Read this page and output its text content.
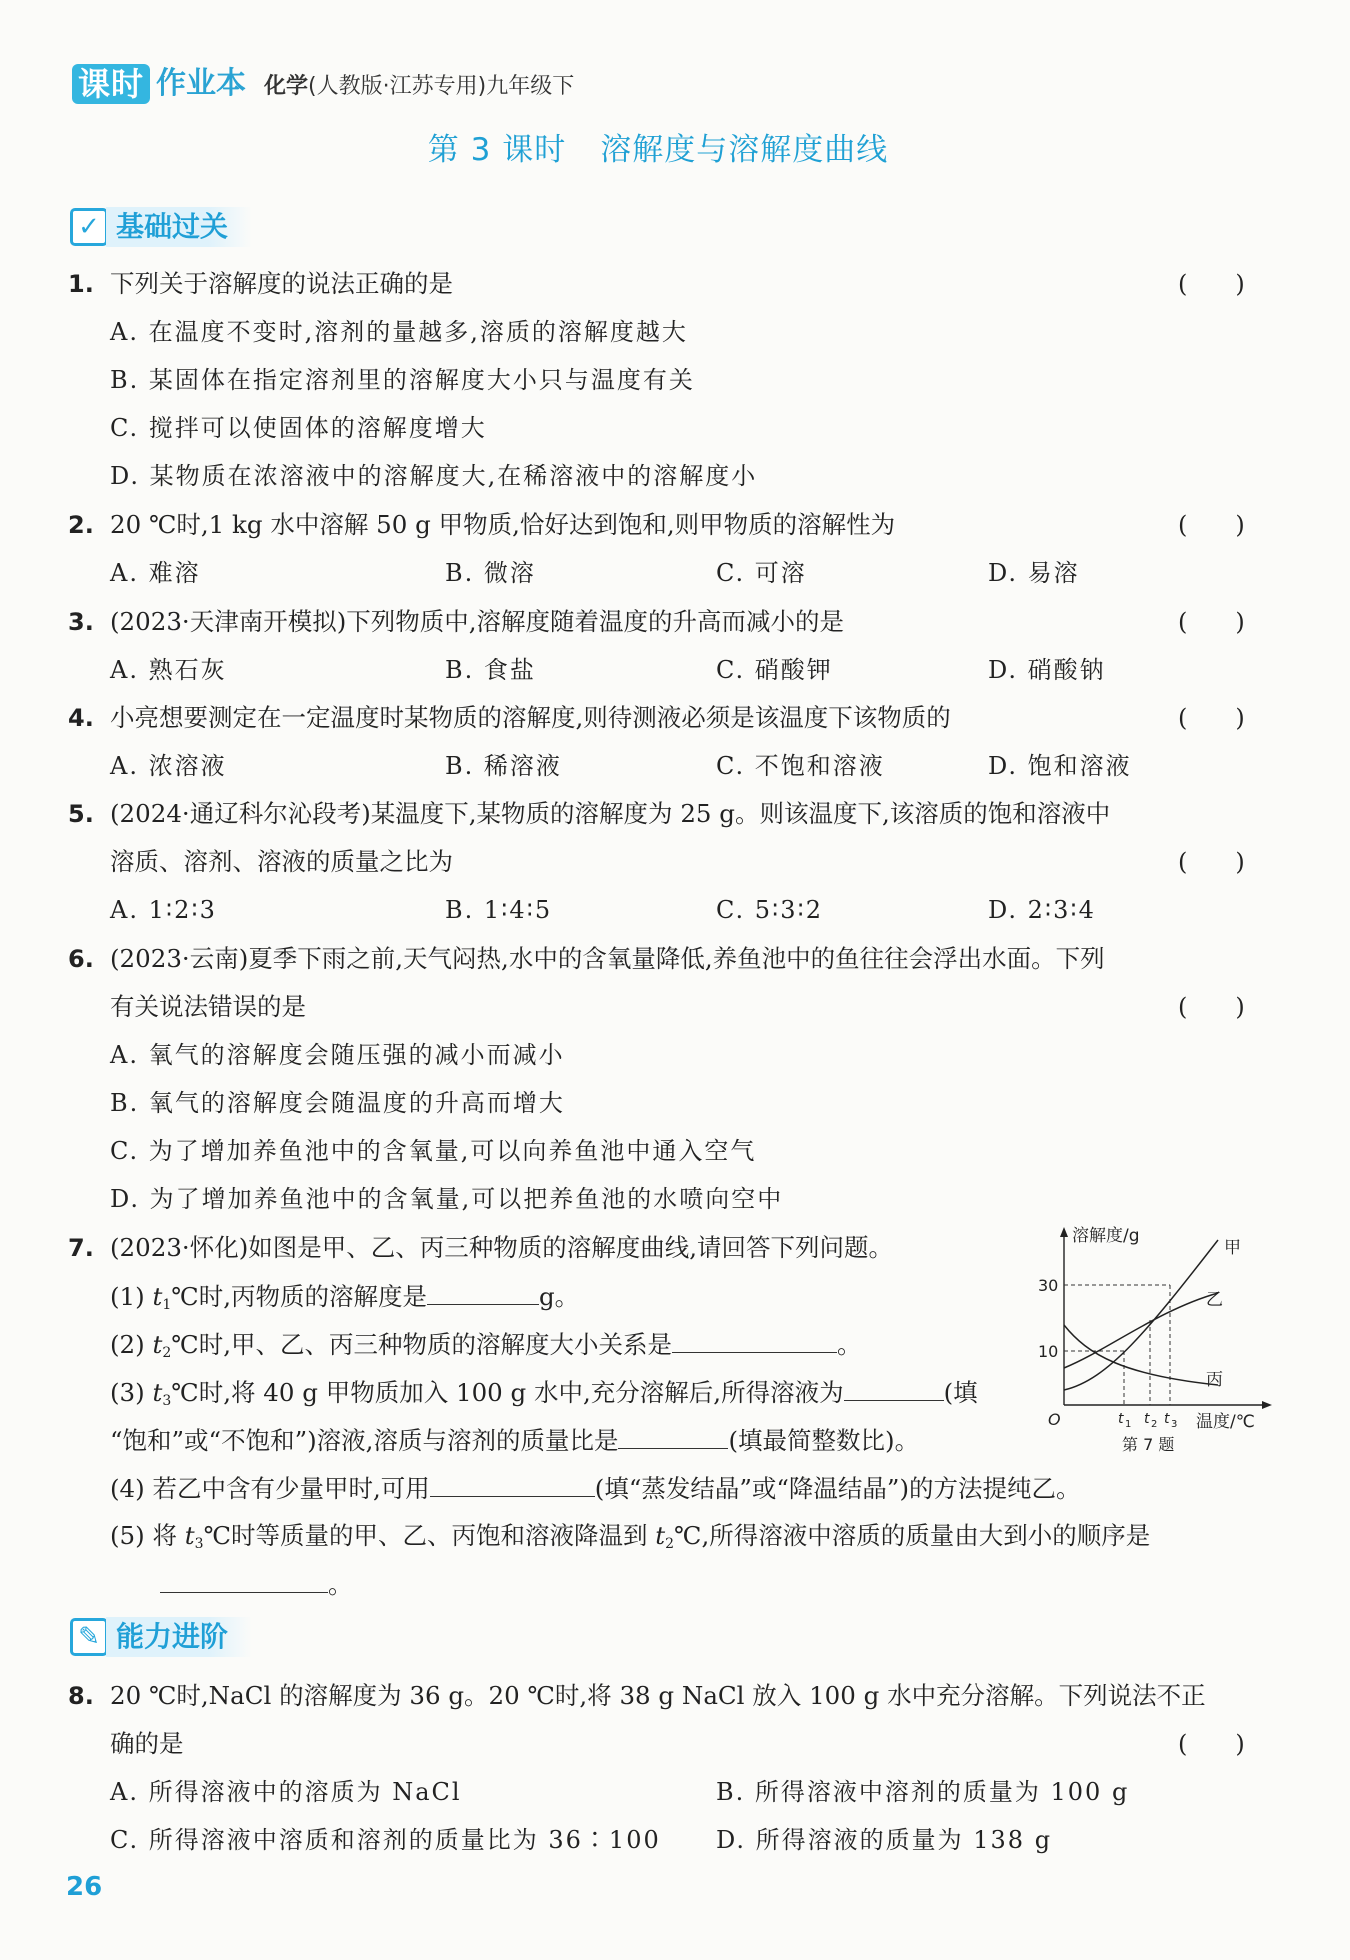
课时 作业本 化学(人教版·江苏专用)九年级下
第 3 课时 溶解度与溶解度曲线
✓ 基础过关
1. 下列关于溶解度的说法正确的是	(　　)
A. 在温度不变时,溶剂的量越多,溶质的溶解度越大
B. 某固体在指定溶剂里的溶解度大小只与温度有关
C. 搅拌可以使固体的溶解度增大
D. 某物质在浓溶液中的溶解度大,在稀溶液中的溶解度小
2. 20 ℃时,1 kg 水中溶解 50 g 甲物质,恰好达到饱和,则甲物质的溶解性为	(　　)
A. 难溶	B. 微溶	C. 可溶	D. 易溶
3. (2023·天津南开模拟)下列物质中,溶解度随着温度的升高而减小的是	(　　)
A. 熟石灰	B. 食盐	C. 硝酸钾	D. 硝酸钠
4. 小亮想要测定在一定温度时某物质的溶解度,则待测液必须是该温度下该物质的	(　　)
A. 浓溶液	B. 稀溶液	C. 不饱和溶液	D. 饱和溶液
5. (2024·通辽科尔沁段考)某温度下,某物质的溶解度为 25 g。则该温度下,该溶质的饱和溶液中
溶质、溶剂、溶液的质量之比为	(　　)
A. 1∶2∶3	B. 1∶4∶5	C. 5∶3∶2	D. 2∶3∶4
6. (2023·云南)夏季下雨之前,天气闷热,水中的含氧量降低,养鱼池中的鱼往往会浮出水面。下列
有关说法错误的是	(　　)
A. 氧气的溶解度会随压强的减小而减小
B. 氧气的溶解度会随温度的升高而增大
C. 为了增加养鱼池中的含氧量,可以向养鱼池中通入空气
D. 为了增加养鱼池中的含氧量,可以把养鱼池的水喷向空中
7. (2023·怀化)如图是甲、乙、丙三种物质的溶解度曲线,请回答下列问题。
(1) $t_1℃$时,丙物质的溶解度是	g。
(2) $t_2℃$时,甲、乙、丙三种物质的溶解度大小关系是	。
(3) $t_3℃$时,将 40 g 甲物质加入 100 g 水中,充分溶解后,所得溶液为	(填
“饱和”或“不饱和”)溶液,溶质与溶剂的质量比是	(填最简整数比)。
(4) 若乙中含有少量甲时,可用	(填“蒸发结晶”或“降温结晶”)的方法提纯乙。
(5) 将 $t_3℃$时等质量的甲、乙、丙饱和溶液降温到 $t_2℃$,所得溶液中溶质的质量由大到小的顺序是
。
溶解度/g
30
10
O	t 1 t 2 t 3 温度/℃
甲
乙
丙
第 7 题
✎ 能力进阶
8. 20 ℃时,NaCl 的溶解度为 36 g。20 ℃时,将 38 g NaCl 放入 100 g 水中充分溶解。下列说法不正
确的是	(　　)
A. 所得溶液中的溶质为 NaCl	B. 所得溶液中溶剂的质量为 100 g
C. 所得溶液中溶质和溶剂的质量比为 36∶100 D. 所得溶液的质量为 138 g
26
